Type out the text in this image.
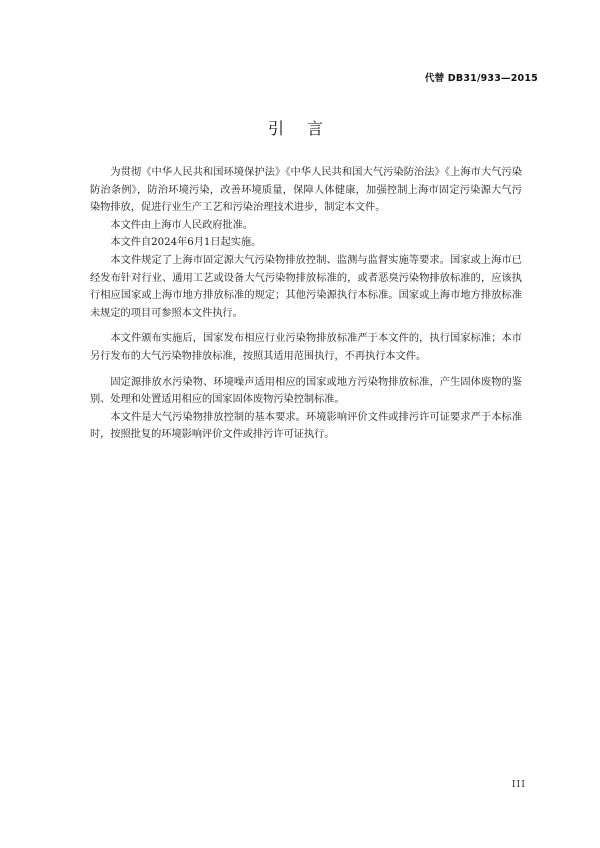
代替 DB31/933—2015
引 言

为贯彻《中华人民共和国环境保护法》《中华人民共和国大气污染防治法》《上海市大气污染防治条例》，防治环境污染，改善环境质量，保障人体健康，加强控制上海市固定污染源大气污染物排放，促进行业生产工艺和污染治理技术进步，制定本文件。

本文件由上海市人民政府批准。

本文件自2024年6月1日起实施。

本文件规定了上海市固定源大气污染物排放控制、监测与监督实施等要求。国家或上海市已经发布针对行业、通用工艺或设备大气污染物排放标准的，或者恶臭污染物排放标准的，应该执行相应国家或上海市地方排放标准的规定；其他污染源执行本标准。国家或上海市地方排放标准未规定的项目可参照本文件执行。

本文件颁布实施后，国家发布相应行业污染物排放标准严于本文件的，执行国家标准；本市另行发布的大气污染物排放标准，按照其适用范围执行，不再执行本文件。

固定源排放水污染物、环境噪声适用相应的国家或地方污染物排放标准，产生固体废物的鉴别、处理和处置适用相应的国家固体废物污染控制标准。

本文件是大气污染物排放控制的基本要求。环境影响评价文件或排污许可证要求严于本标准时，按照批复的环境影响评价文件或排污许可证执行。

III
